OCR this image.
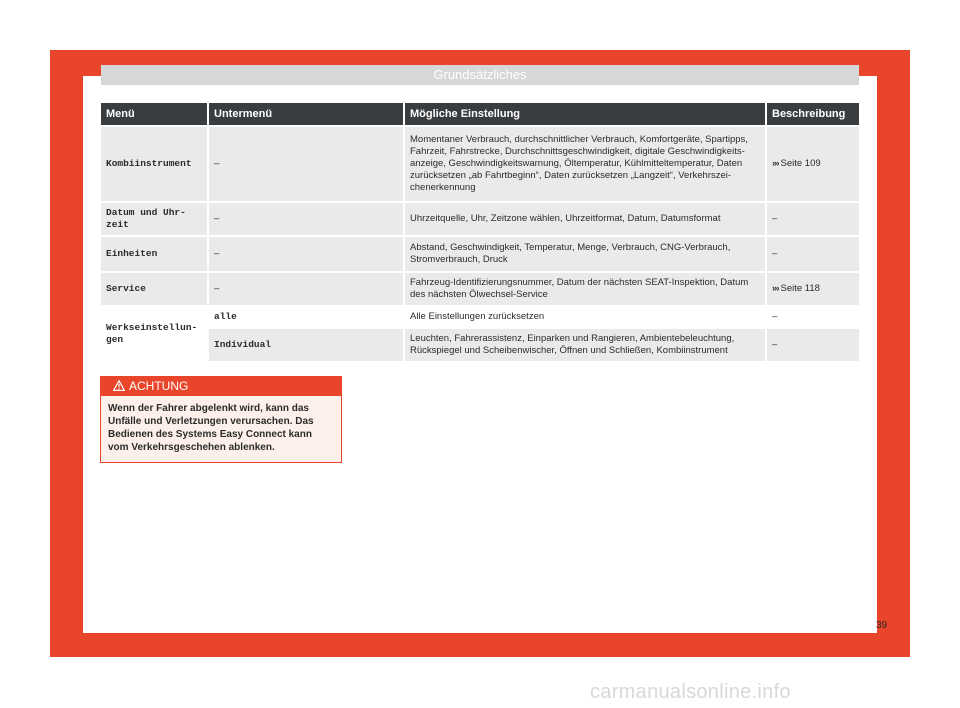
Grundsätzliches
Menü	Untermenü	Mögliche Einstellung	Beschreibung
Kombiinstrument	–	Momentaner Verbrauch, durchschnittlicher Verbrauch, Komfortgeräte, Spartipps, Fahrzeit, Fahrstrecke, Durchschnittsgeschwindigkeit, digitale Geschwindigkeits-anzeige, Geschwindigkeitswarnung, Öltemperatur, Kühlmitteltemperatur, Daten zurücksetzen „ab Fahrtbeginn“, Daten zurücksetzen „Langzeit“, Verkehrszei-chenerkennung	››› Seite 109
Datum und Uhr-zeit	–	Uhrzeitquelle, Uhr, Zeitzone wählen, Uhrzeitformat, Datum, Datumsformat	–
Einheiten	–	Abstand, Geschwindigkeit, Temperatur, Menge, Verbrauch, CNG-Verbrauch, Stromverbrauch, Druck	–
Service	–	Fahrzeug-Identifizierungsnummer, Datum der nächsten SEAT-Inspektion, Datum des nächsten Ölwechsel-Service	››› Seite 118
Werkseinstellun-gen	alle	Alle Einstellungen zurücksetzen	–
	Individual	Leuchten, Fahrerassistenz, Einparken und Rangieren, Ambientebeleuchtung, Rückspiegel und Scheibenwischer, Öffnen und Schließen, Kombiinstrument	–
ACHTUNG
Wenn der Fahrer abgelenkt wird, kann das Unfälle und Verletzungen verursachen. Das Bedienen des Systems Easy Connect kann vom Verkehrsgeschehen ablenken.
39
carmanualsonline.info
